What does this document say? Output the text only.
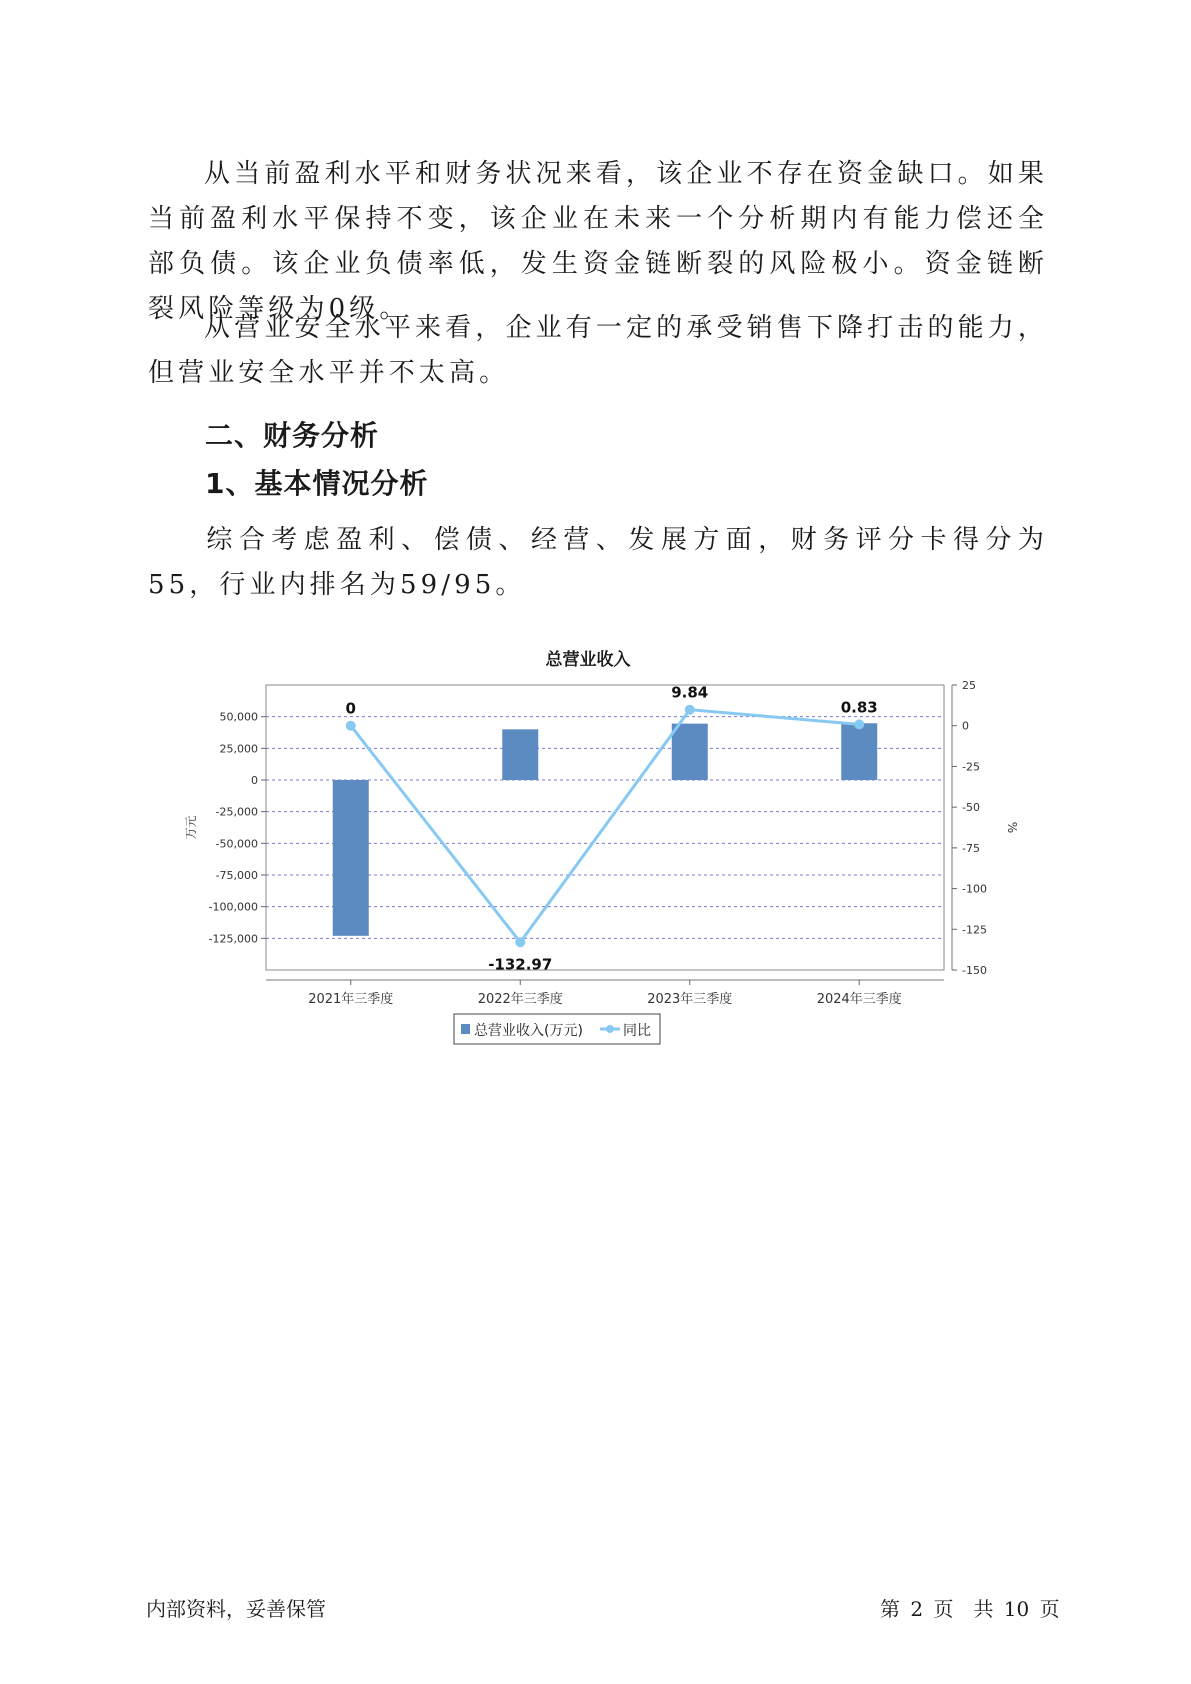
从当前盈利水平和财务状况来看，该企业不存在资金缺口。如果当前盈利水平保持不变，该企业在未来一个分析期内有能力偿还全部负债。该企业负债率低，发生资金链断裂的风险极小。资金链断裂风险等级为0级。

从营业安全水平来看，企业有一定的承受销售下降打击的能力，但营业安全水平并不太高。

二、财务分析
1、基本情况分析

综合考虑盈利、偿债、经营、发展方面，财务评分卡得分为55，行业内排名为59/95。

总营业收入
50,000
25,000
0
-25,000
-50,000
-75,000
-100,000
-125,000
25
0
-25
-50
-75
-100
-125
-150
2021年三季度	2022年三季度	2023年三季度	2024年三季度
万元	%
0
-132.97
9.84
0.83
总营业收入(万元)	同比
内部资料，妥善保管	第 2 页　共 10 页
